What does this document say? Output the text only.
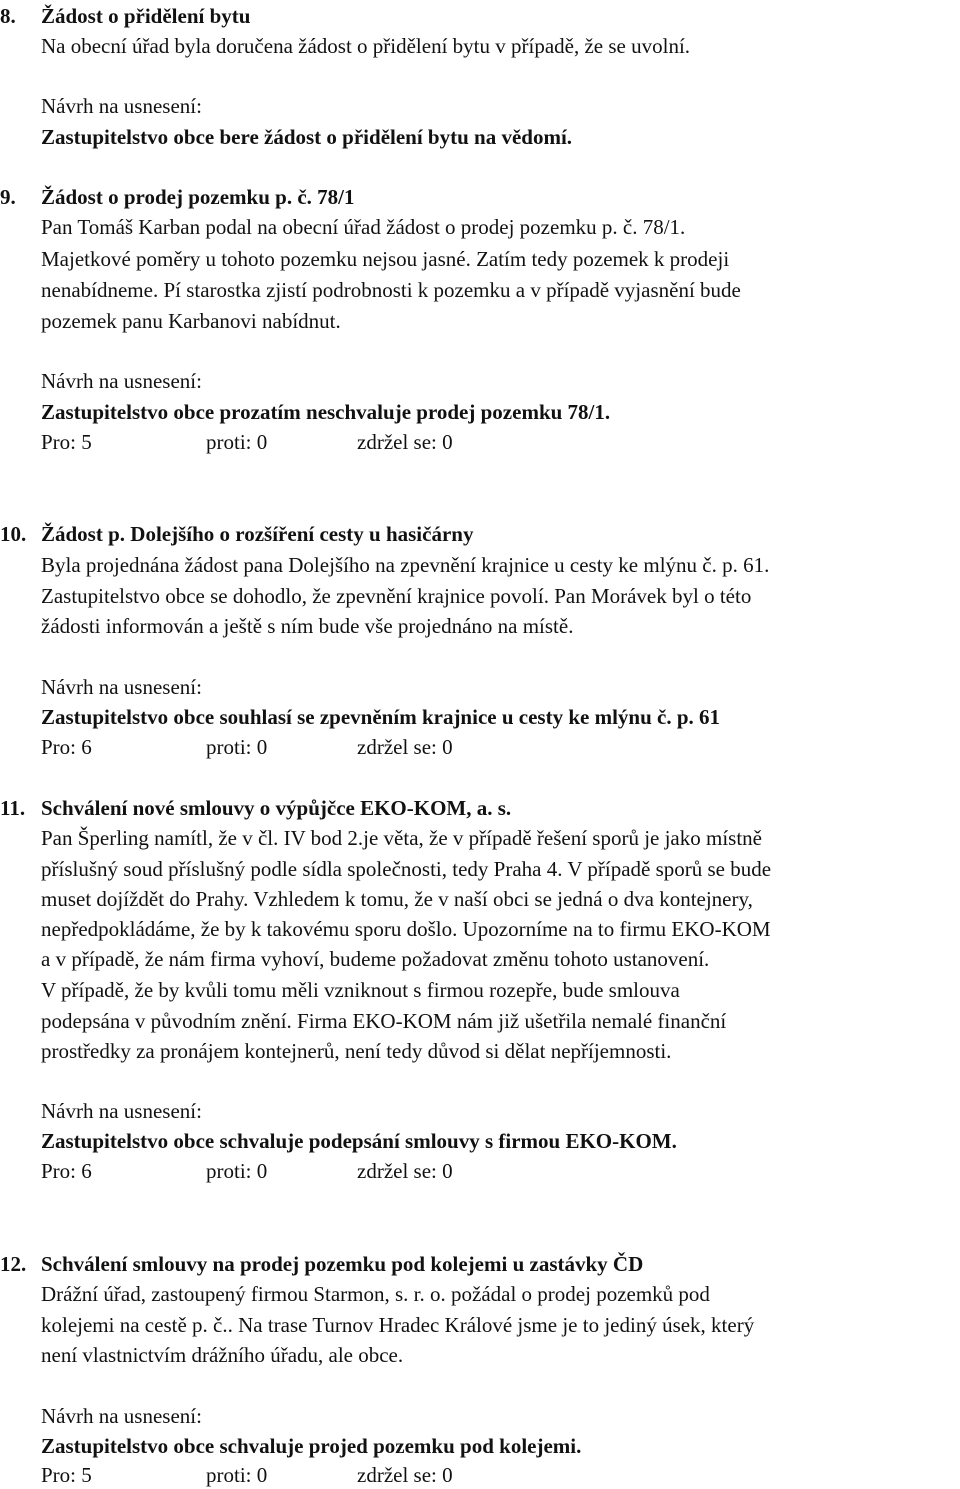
8. Žádost o přidělení bytu
Na obecní úřad byla doručena žádost o přidělení bytu v případě, že se uvolní.
Návrh na usnesení:
Zastupitelstvo obce bere žádost o přidělení bytu na vědomí.
9. Žádost o prodej pozemku p. č. 78/1
Pan Tomáš Karban podal na obecní úřad žádost o prodej pozemku p. č. 78/1.
Majetkové poměry u tohoto pozemku nejsou jasné. Zatím tedy pozemek k prodeji
nenabídneme. Pí starostka zjistí podrobnosti k pozemku a v případě vyjasnění bude
pozemek panu Karbanovi nabídnut.
Návrh na usnesení:
Zastupitelstvo obce prozatím neschvaluje prodej pozemku 78/1.
Pro: 5	proti: 0	zdržel se: 0
10. Žádost p. Dolejšího o rozšíření cesty u hasičárny
Byla projednána žádost pana Dolejšího na zpevnění krajnice u cesty ke mlýnu č. p. 61.
Zastupitelstvo obce se dohodlo, že zpevnění krajnice povolí. Pan Morávek byl o této
žádosti informován a ještě s ním bude vše projednáno na místě.
Návrh na usnesení:
Zastupitelstvo obce souhlasí se zpevněním krajnice u cesty ke mlýnu č. p. 61
Pro: 6	proti: 0	zdržel se: 0
11. Schválení nové smlouvy o výpůjčce EKO-KOM, a. s.
Pan Šperling namítl, že v čl. IV bod 2.je věta, že v případě řešení sporů je jako místně
příslušný soud příslušný podle sídla společnosti, tedy Praha 4. V případě sporů se bude
muset dojíždět do Prahy. Vzhledem k tomu, že v naší obci se jedná o dva kontejnery,
nepředpokládáme, že by k takovému sporu došlo. Upozorníme na to firmu EKO-KOM
a v případě, že nám firma vyhoví, budeme požadovat změnu tohoto ustanovení.
V případě, že by kvůli tomu měli vzniknout s firmou rozepře, bude smlouva
podepsána v původním znění. Firma EKO-KOM nám již ušetřila nemalé finanční
prostředky za pronájem kontejnerů, není tedy důvod si dělat nepříjemnosti.
Návrh na usnesení:
Zastupitelstvo obce schvaluje podepsání smlouvy s firmou EKO-KOM.
Pro: 6	proti: 0	zdržel se: 0
12. Schválení smlouvy na prodej pozemku pod kolejemi u zastávky ČD
Drážní úřad, zastoupený firmou Starmon, s. r. o. požádal o prodej pozemků pod
kolejemi na cestě p. č.. Na trase Turnov Hradec Králové jsme je to jediný úsek, který
není vlastnictvím drážního úřadu, ale obce.
Návrh na usnesení:
Zastupitelstvo obce schvaluje projed pozemku pod kolejemi.
Pro: 5	proti: 0	zdržel se: 0
